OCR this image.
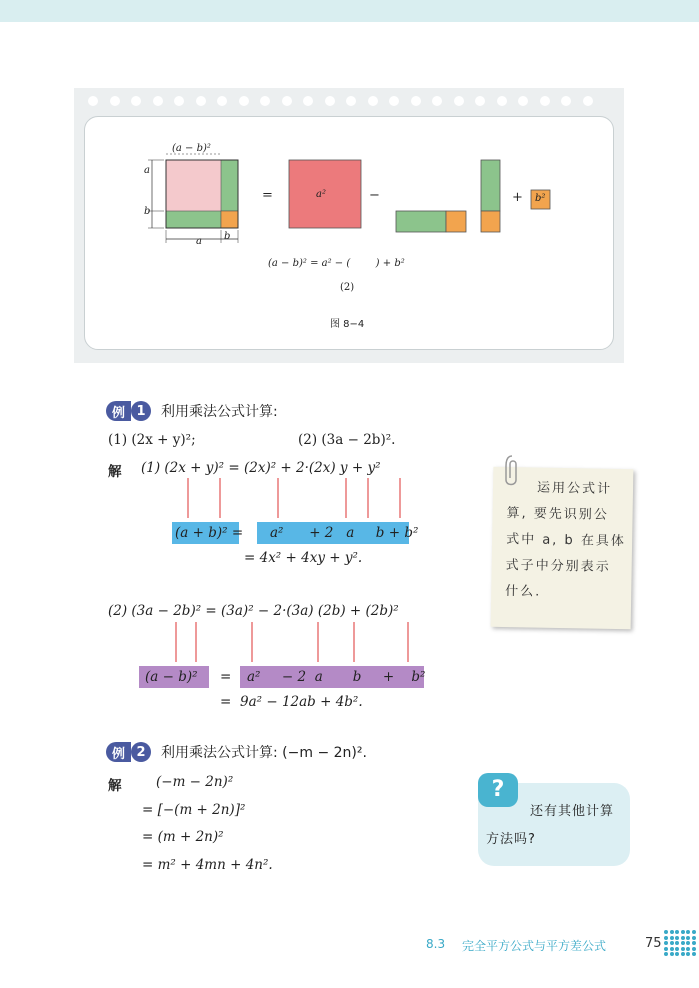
(a − b)²
a
b
a b
=	a²	−	+ b²
(a − b)² = a² − (        ) + b²
(2)
图 8−4
例 1	利用乘法公式计算:
(1) (2x + y)²;	(2) (3a − 2b)².
解 (1) (2x + y)² = (2x)² + 2·(2x) y + y²
(a + b)² = a²      + 2   a     b + b²
= 4x² + 4xy + y².
(2) (3a − 2b)² = (3a)² − 2·(3a) (2b) + (2b)²
(a − b)² = a²     − 2  a       b     +    b²
= 9a² − 12ab + 4b².
运用公式计
算, 要先识别公
式中 a, b 在具体
式子中分别表示
什么.
例 2	利用乘法公式计算: (−m − 2n)².
解	(−m − 2n)²
= [−(m + 2n)]²
= (m + 2n)²
= m² + 4mn + 4n².
?
还有其他计算
方法吗?
8.3 完全平方公式与平方差公式	75
